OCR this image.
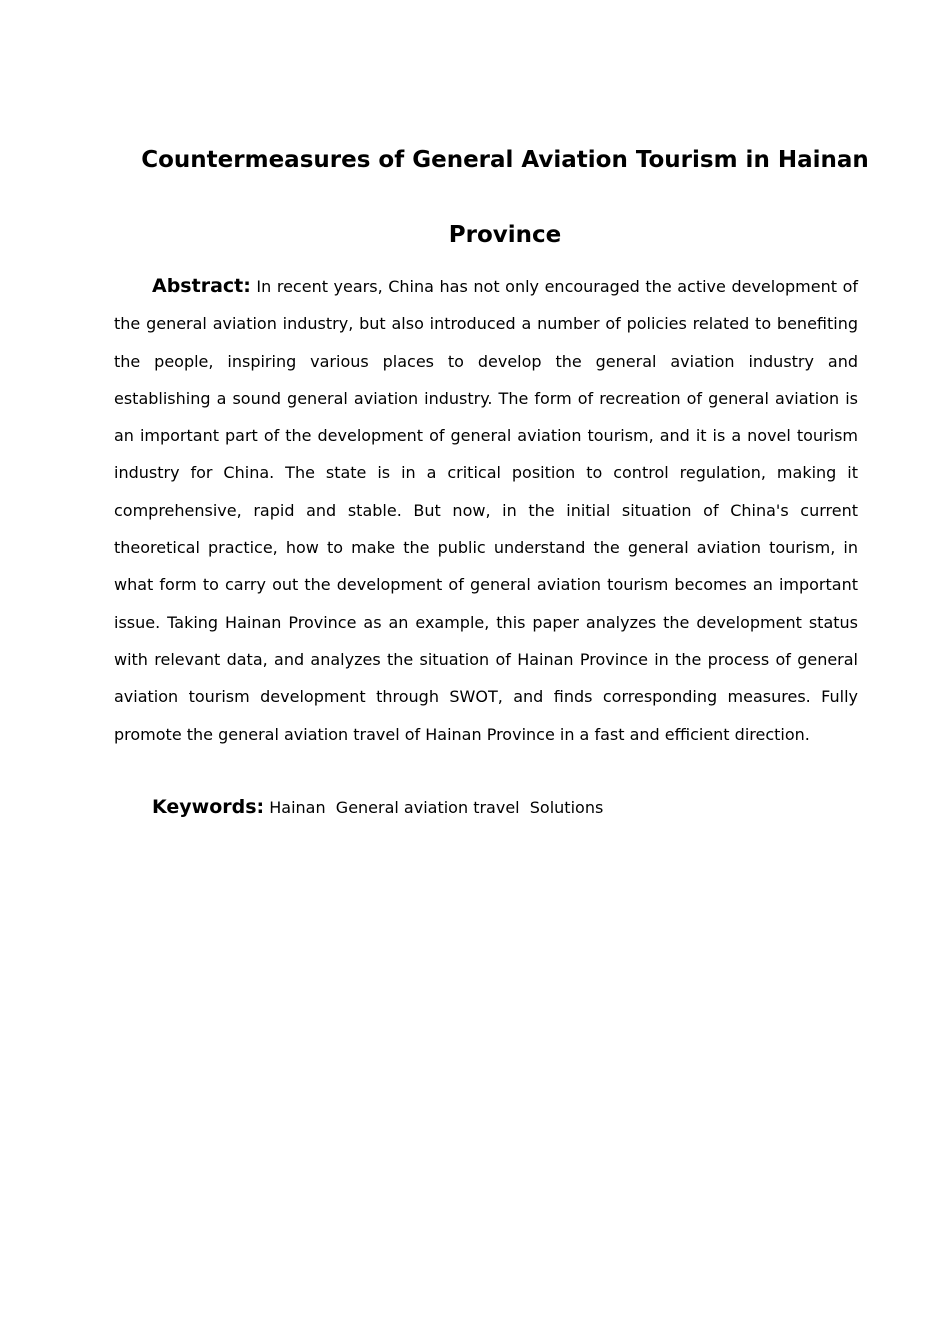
Countermeasures of General Aviation Tourism in Hainan
Province

Abstract: In recent years, China has not only encouraged the active development of the general aviation industry, but also introduced a number of policies related to benefiting the people, inspiring various places to develop the general aviation industry and establishing a sound general aviation industry. The form of recreation of general aviation is an important part of the development of general aviation tourism, and it is a novel tourism industry for China. The state is in a critical position to control regulation, making it comprehensive, rapid and stable. But now, in the initial situation of China's current theoretical practice, how to make the public understand the general aviation tourism, in what form to carry out the development of general aviation tourism becomes an important issue. Taking Hainan Province as an example, this paper analyzes the development status with relevant data, and analyzes the situation of Hainan Province in the process of general aviation tourism development through SWOT, and finds corresponding measures. Fully promote the general aviation travel of Hainan Province in a fast and efficient direction.

Keywords: Hainan  General aviation travel  Solutions
